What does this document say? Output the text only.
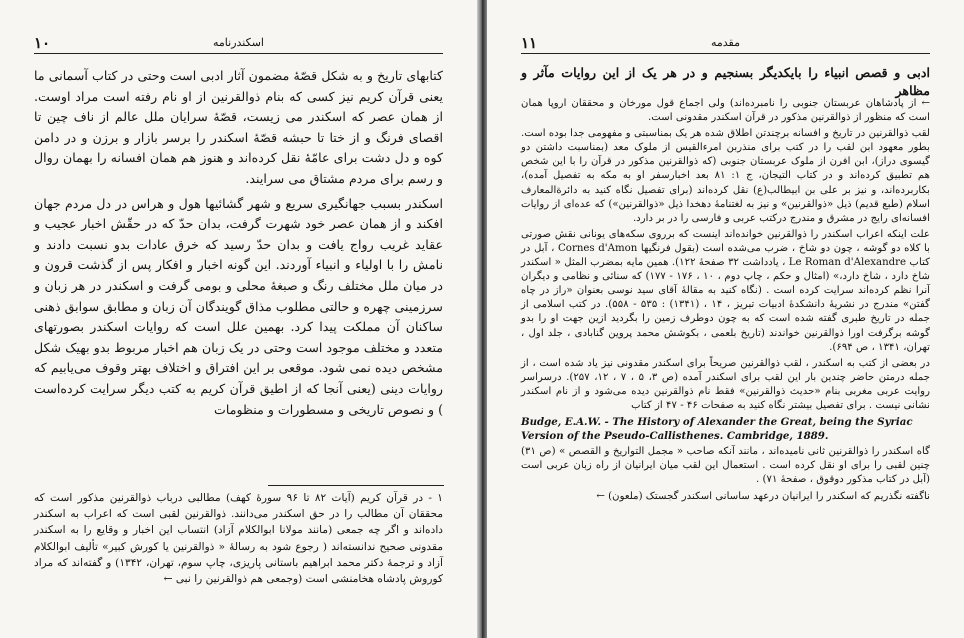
۱۰	اسکندرنامه

کتابهای تاریخ و به شکل قصّهٔ مضمون آثار ادبی است وحتی در کتاب آسمانی ما یعنی قرآن کریم نیز کسی که بنام ذوالقرنین از او نام رفته است مراد اوست. از همان عصر که اسکندر می زیست، قصّهٔ سرایان ملل عالم از ناف چین تا اقصای فرنگ و از ختا تا حبشه قصّهٔ اسکندر را برسر بازار و برزن و در دامن کوه و دل دشت برای عامّهٔ نقل کرده‌اند و هنوز هم همان افسانه را بهمان روال و رسم برای مردم مشتاق می سرایند.

اسکندر بسبب جهانگیری سریع و شهر گشائیها هول و هراس در دل مردم جهان افکند و از همان عصر خود شهرت گرفت، بدان حدّ که در حقّش اخبار عجیب و عقاید غریب رواج یافت و بدان حدّ رسید که خرق عادات بدو نسبت دادند و نامش را با اولیاء و انبیاء آوردند. این گونه اخبار و افکار پس از گذشت قرون و در میان ملل مختلف رنگ و صبغهٔ محلی و بومی گرفت و اسکندر در هر زبان و سرزمینی چهره و حالتی مطلوب مذاق گویندگان آن زبان و مطابق سوابق ذهنی ساکنان آن مملکت پیدا کرد. بهمین علل است که روایات اسکندر بصورتهای متعدد و مختلف موجود است وحتی در یک زبان هم اخبار مربوط بدو بهیک شکل مشخص دیده نمی شود. موقعی بر این افتراق و اختلاف بهتر وقوف می‌یابیم که روایات دینی (یعنی آنجا که از اطیق قرآن کریم به کتب دیگر سرایت کرده‌است ) و نصوص تاریخی و مسطورات و منظومات

۱ - در قرآن کریم (آیات ۸۲ تا ۹۶ سورهٔ کهف) مطالبی درباب ذوالقرنین مذکور است که محققان آن مطالب را در حق اسکندر می‌دانند. ذوالقرنین لقبی است که اعراب به اسکندر داده‌اند و اگر چه جمعی (مانند مولانا ابوالکلام آزاد) انتساب این اخبار و وقایع را به اسکندر مقدونی صحیح ندانسته‌اند ( رجوع شود به رسالهٔ « ذوالقرنین یا کورش کبیر» تألیف ابوالکلام آزاد و ترجمهٔ دکتر محمد ابراهیم باستانی پاریزی، چاپ سوم، تهران، ۱۳۴۲) و گفته‌اند که مراد کوروش پادشاه هخامنشی است (وجمعی هم ذوالقرنین را نبی ←
۱۱	مقدمه
ادبی و قصص انبیاء را بایکدیگر بسنجیم و در هر یک از این روایات مآثر و مظاهر

← از پادشاهان عربستان جنوبی را نامبرده‌اند) ولی اجماع قول مورخان و محققان اروپا همان است که منظور از ذوالقرنین مذکور در قرآن اسکندر مقدونی است.

لقب ذوالقرنین در تاریخ و افسانه برچندتن اطلاق شده هر یک بمناسبتی و مفهومی جدا بوده است. بطور معهود ابن لقب را در کتب برای منذربن امرءالقیس از ملوک معد (بمناسبت داشتن دو گیسوی دراز)، ابن افرن از ملوک عربستان جنوبی (که ذوالقرنین مذکور در قرآن را با این شخص هم تطبیق کرده‌اند و در کتاب التیجان، ج ۱: ۸۱ بعد اخبارسفر او به مکه به تفصیل آمده)، بکاربرده‌اند، و نیز بر علی بن ابیطالب(ع) نقل کرده‌اند (برای تفصیل نگاه کنید به دائرةالمعارف اسلام (طبع قدیم) ذیل «ذوالقرنین» و نیز به لغتنامهٔ دهخدا ذیل «ذوالقرنین») که عده‌ای از روایات افسانه‌ای رایج در مشرق و مندرج درکتب عربی و فارسی را در بر دارد.

علت اینکه اعراب اسکندر را ذوالقرنین خوانده‌اند اینست که برروی سکه‌های یونانی نقش صورتی با کلاه دو گوشه ، چون دو شاخ ، ضرب می‌شده است (بقول فرنگیها Cornes d'Amon ، آبل در کتاب Le Roman d'Alexandre ، یادداشت ۳۲ صفحهٔ ۱۲۲). همین مایه بمضرب المثل « اسکندر شاخ دارد ، شاخ دارد،» (امثال و حکم ، چاپ دوم ، ۱۰ ، ۱۷۶ - ۱۷۷) که سنائی و نظامی و دیگران آنرا نظم کرده‌اند سرایت کرده است . (نگاه کنید به مقالهٔ آقای سید نوسی بعنوان «راز در چاه گفتن» مندرج در نشریهٔ دانشکدهٔ ادبیات تبریز ، ۱۴ ، (۱۳۴۱) : ۵۳۵ - ۵۵۸). در کتب اسلامی از جمله در تاریخ طبری گفته شده است که به چون دوطرف زمین را بگردید ازین جهت او را بدو گوشه برگرفت اورا ذوالقرنین خواندند (تاریخ بلعمی ، بکوشش محمد پروین گنابادی ، جلد اول ، تهران، ۱۳۴۱ ، ص ۶۹۴).

در بعضی از کتب به اسکندر ، لقب ذوالقرنین صریحاً برای اسکندر مقدونی نیز یاد شده است ، از جمله درمتن حاضر چندین بار این لقب برای اسکندر آمده (ص ۳، ۵ ، ۷ ، ۱۲، ۲۵۷). درسراسر روایت عربی مغربی بنام «حدیث ذوالقرنین» فقط نام ذوالقرنین دیده می‌شود و از نام اسکندر نشانی نیست . برای تفصیل بیشتر نگاه کنید به صفحات ۴۶ - ۴۷ از کتاب

Budge, E.A.W. - The History of Alexander the Great, being the Syriac Version of the Pseudo-Callisthenes. Cambridge, 1889.

گاه اسکندر را ذوالقرنین ثانی نامیده‌اند ، مانند آنکه صاحب « مجمل التواریخ و القصص » (ص ۳۱) چنین لقبی را برای او نقل کرده است . استعمال این لقب میان ایرانیان از راه زبان عربی است (آبل در کتاب مذکور دوقوق ، صفحهٔ ۷۱) .

ناگفته نگذریم که اسکندر را ایرانیان درعهد ساسانی اسکندر گجستک (ملعون) ←
